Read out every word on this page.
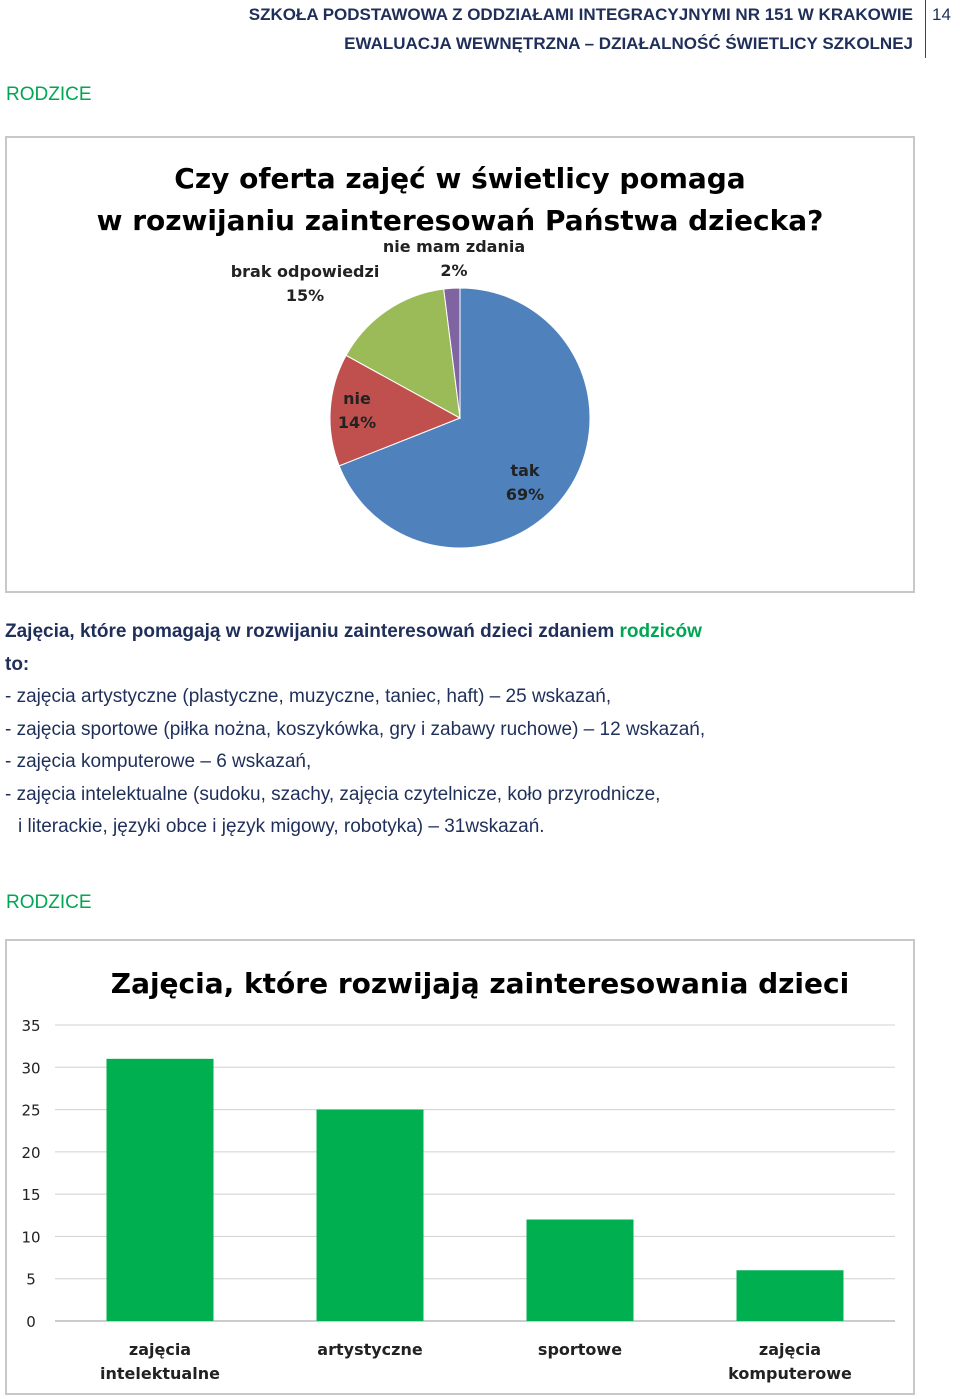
SZKOŁA PODSTAWOWA Z ODDZIAŁAMI INTEGRACYJNYMI NR 151 W KRAKOWIE
EWALUACJA WEWNĘTRZNA – DZIAŁALNOŚĆ ŚWIETLICY SZKOLNEJ
14
RODZICE
Czy oferta zajęć w świetlicy pomaga
w rozwijaniu zainteresowań Państwa dziecka?
tak
69%
nie
14%
brak odpowiedzi
15%
nie mam zdania
2%
Zajęcia, które pomagają w rozwijaniu zainteresowań dzieci zdaniem rodziców
to:
- zajęcia artystyczne (plastyczne, muzyczne, taniec, haft) – 25 wskazań,
- zajęcia sportowe (piłka nożna, koszykówka, gry i zabawy ruchowe) – 12 wskazań,
- zajęcia komputerowe – 6 wskazań,
- zajęcia intelektualne (sudoku, szachy, zajęcia czytelnicze, koło przyrodnicze,
i literackie, języki obce i język migowy, robotyka) – 31wskazań.
RODZICE
Zajęcia, które rozwijają zainteresowania dzieci
0
5
10
15
20
25
30
35
zajęcia
intelektualne
artystyczne	sportowe	zajęcia
komputerowe
